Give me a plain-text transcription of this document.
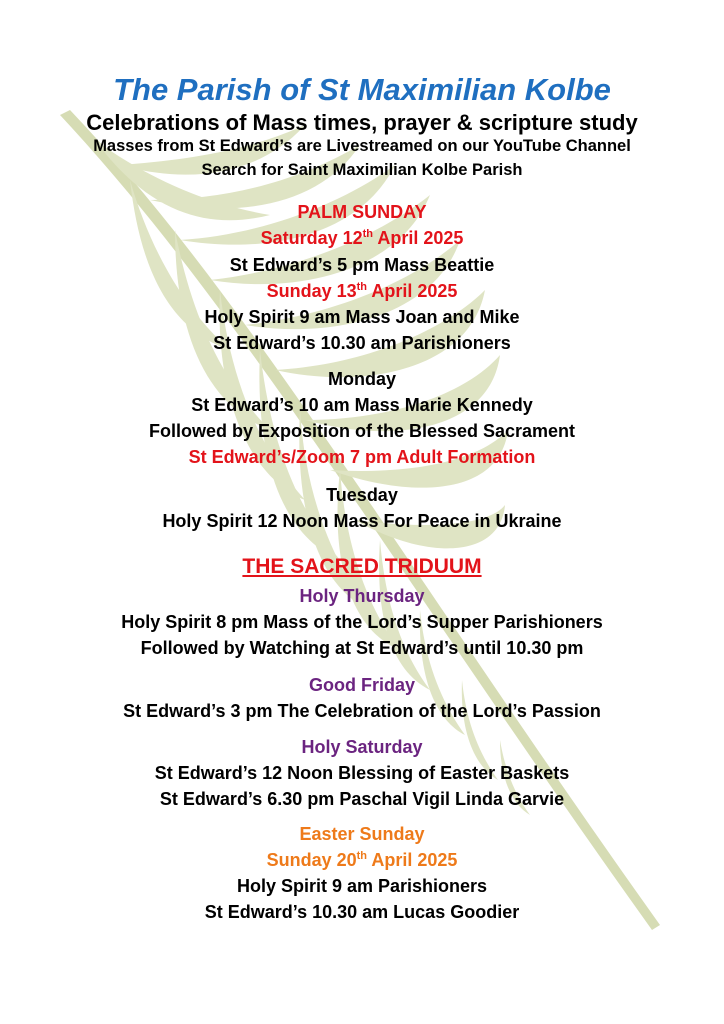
The Parish of St Maximilian Kolbe
Celebrations of Mass times, prayer & scripture study
Masses from St Edward’s are Livestreamed on our YouTube Channel
Search for Saint Maximilian Kolbe Parish
PALM SUNDAY
Saturday 12th April 2025
St Edward’s 5 pm Mass Beattie
Sunday 13th April 2025
Holy Spirit 9 am Mass Joan and Mike
St Edward’s 10.30 am Parishioners
Monday
St Edward’s 10 am Mass Marie Kennedy
Followed by Exposition of the Blessed Sacrament
St Edward’s/Zoom 7 pm Adult Formation
Tuesday
Holy Spirit 12 Noon Mass For Peace in Ukraine
THE SACRED TRIDUUM
Holy Thursday
Holy Spirit 8 pm Mass of the Lord’s Supper Parishioners
Followed by Watching at St Edward’s until 10.30 pm
Good Friday
St Edward’s 3 pm The Celebration of the Lord’s Passion
Holy Saturday
St Edward’s 12 Noon Blessing of Easter Baskets
St Edward’s 6.30 pm Paschal Vigil Linda Garvie
Easter Sunday
Sunday 20th April 2025
Holy Spirit 9 am Parishioners
St Edward’s 10.30 am Lucas Goodier
